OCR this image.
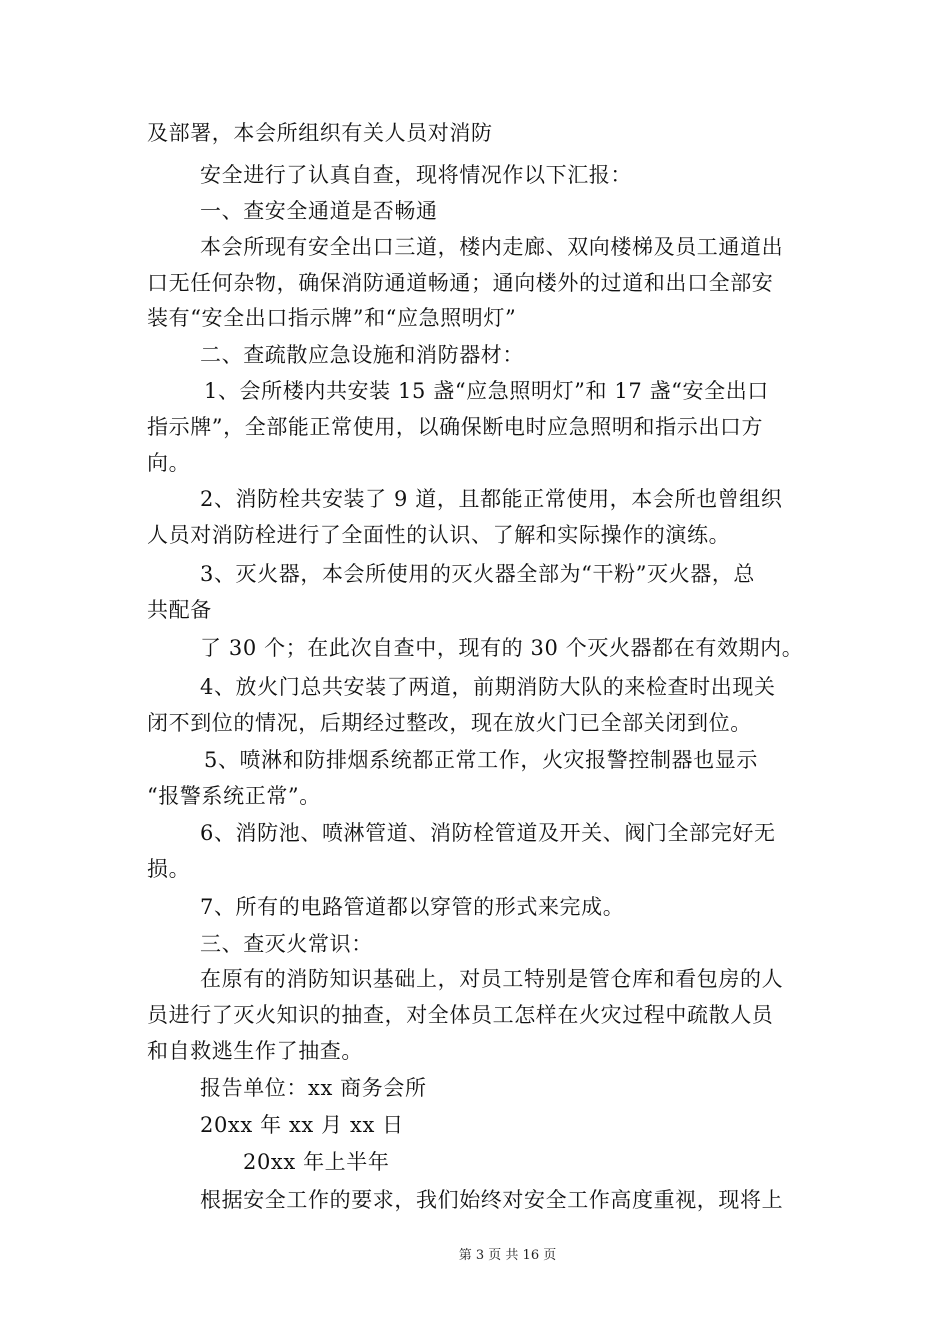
及部署，本会所组织有关人员对消防
安全进行了认真自查，现将情况作以下汇报：
一、查安全通道是否畅通
本会所现有安全出口三道，楼内走廊、双向楼梯及员工通道出
口无任何杂物，确保消防通道畅通；通向楼外的过道和出口全部安
装有“安全出口指示牌”和“应急照明灯”
二、查疏散应急设施和消防器材：
1、会所楼内共安装 15 盏“应急照明灯”和 17 盏“安全出口
指示牌”，全部能正常使用，以确保断电时应急照明和指示出口方
向。
2、消防栓共安装了 9 道，且都能正常使用，本会所也曾组织
人员对消防栓进行了全面性的认识、了解和实际操作的演练。
3、灭火器，本会所使用的灭火器全部为“干粉”灭火器，总
共配备
了 30 个；在此次自查中，现有的 30 个灭火器都在有效期内。
4、放火门总共安装了两道，前期消防大队的来检查时出现关
闭不到位的情况，后期经过整改，现在放火门已全部关闭到位。
5、喷淋和防排烟系统都正常工作，火灾报警控制器也显示
“报警系统正常”。
6、消防池、喷淋管道、消防栓管道及开关、阀门全部完好无
损。
7、所有的电路管道都以穿管的形式来完成。
三、查灭火常识：
在原有的消防知识基础上，对员工特别是管仓库和看包房的人
员进行了灭火知识的抽查，对全体员工怎样在火灾过程中疏散人员
和自救逃生作了抽查。
报告单位：xx 商务会所
20xx 年 xx 月 xx 日
20xx 年上半年
根据安全工作的要求，我们始终对安全工作高度重视，现将上
第 3 页 共 16 页
